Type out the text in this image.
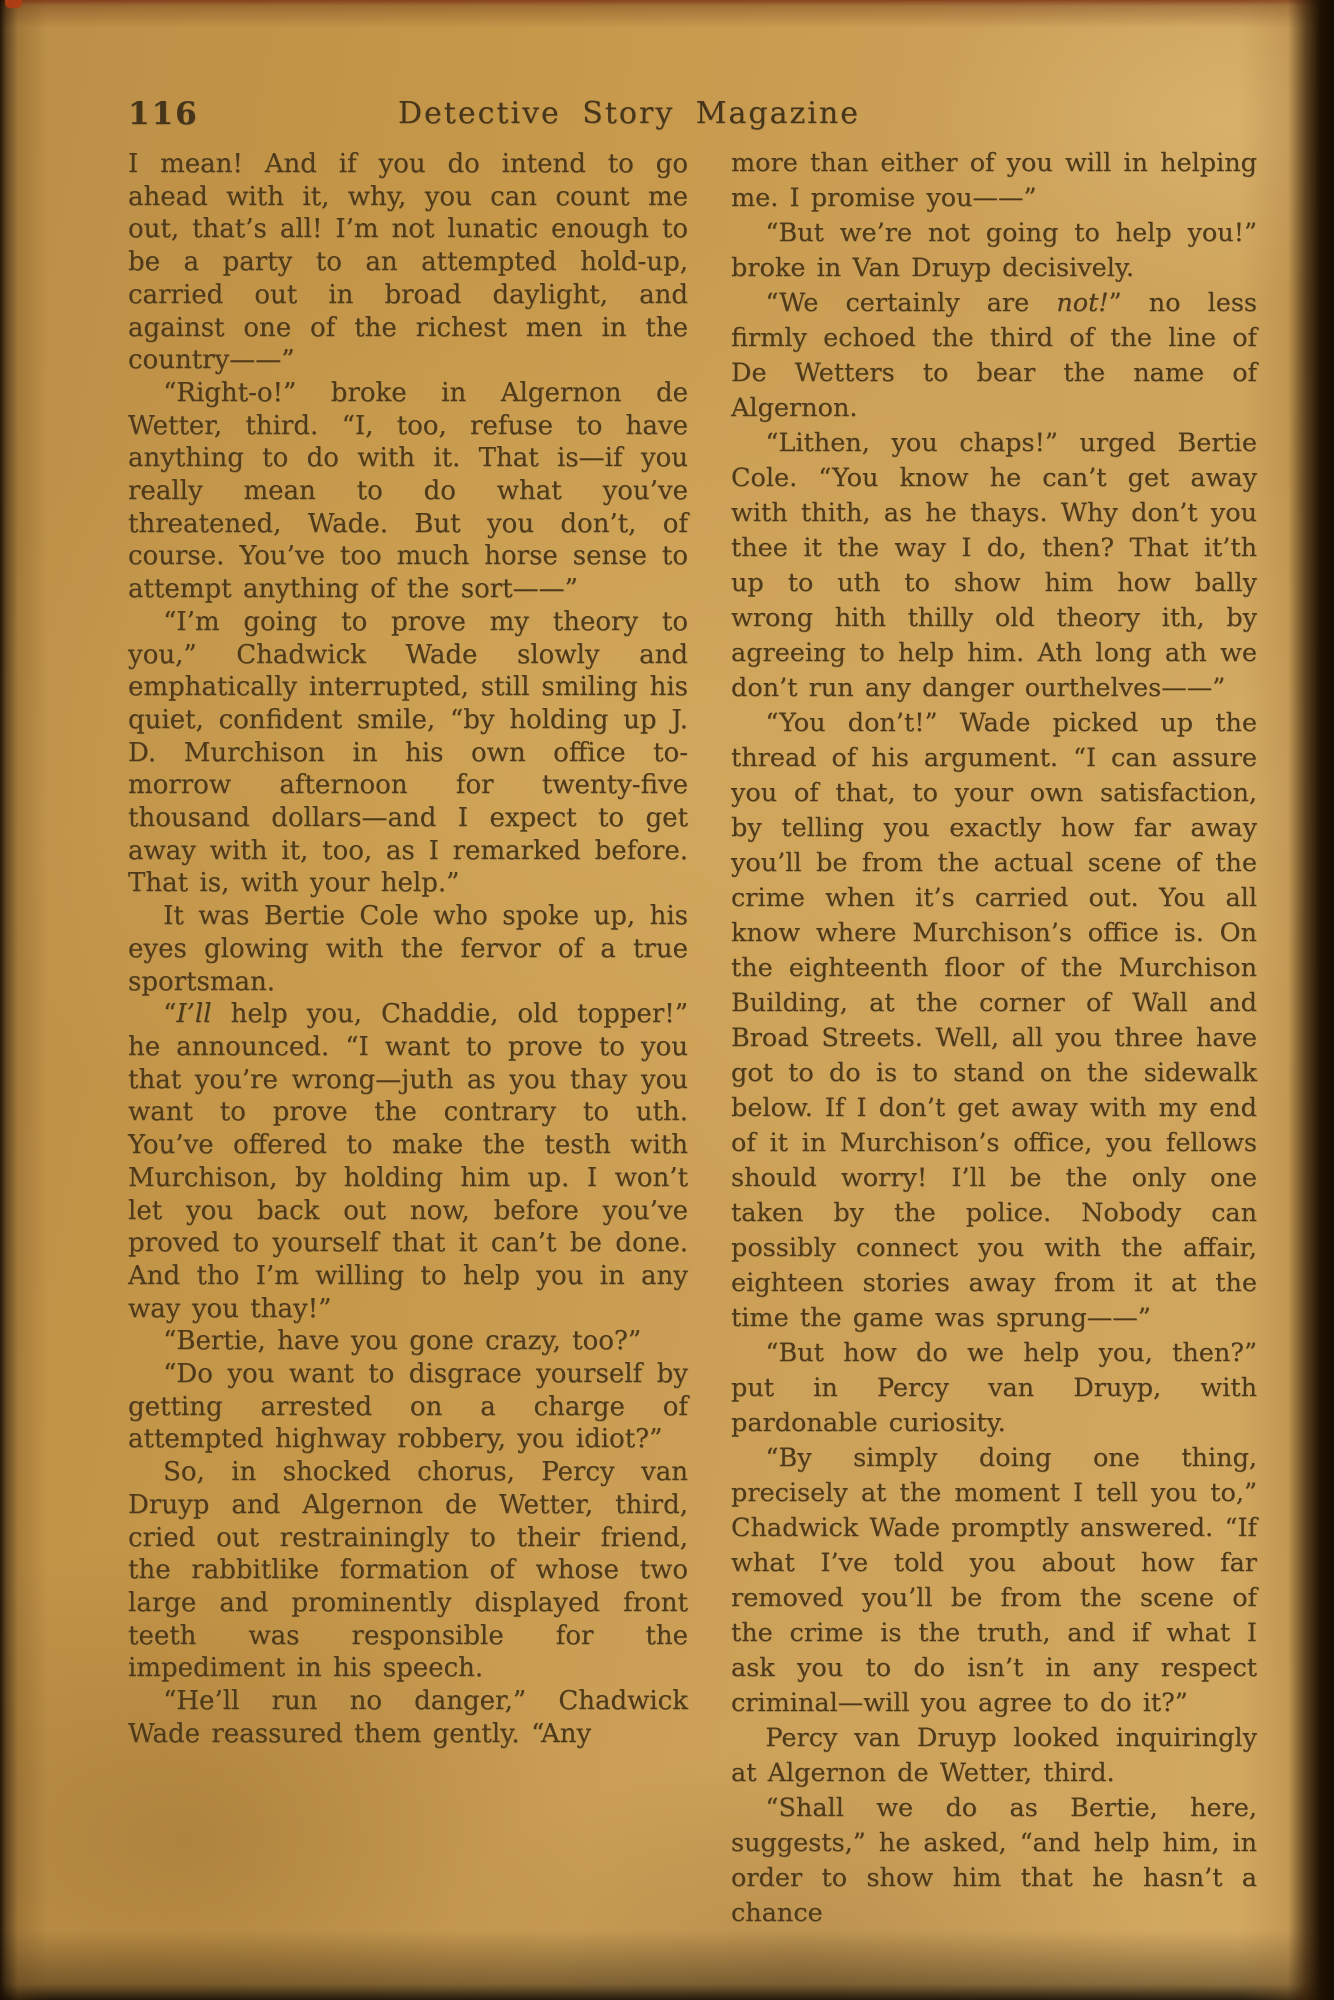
116	Detective Story Magazine

I mean! And if you do intend to go ahead with it, why, you can count me out, that’s all! I’m not lunatic enough to be a party to an attempted hold-up, carried out in broad daylight, and against one of the richest men in the country——”

“Right-o!” broke in Algernon de Wetter, third. “I, too, refuse to have anything to do with it. That is—if you really mean to do what you’ve threatened, Wade. But you don’t, of course. You’ve too much horse sense to attempt anything of the sort——”

“I’m going to prove my theory to you,” Chadwick Wade slowly and emphatically interrupted, still smiling his quiet, confident smile, “by holding up J. D. Murchison in his own office to-morrow afternoon for twenty-five thousand dollars—and I expect to get away with it, too, as I remarked before. That is, with your help.”

It was Bertie Cole who spoke up, his eyes glowing with the fervor of a true sportsman.

“I’ll help you, Chaddie, old topper!” he announced. “I want to prove to you that you’re wrong—juth as you thay you want to prove the contrary to uth. You’ve offered to make the testh with Murchison, by holding him up. I won’t let you back out now, before you’ve proved to yourself that it can’t be done. And tho I’m willing to help you in any way you thay!”

“Bertie, have you gone crazy, too?”

“Do you want to disgrace yourself by getting arrested on a charge of attempted highway robbery, you idiot?”

So, in shocked chorus, Percy van Druyp and Algernon de Wetter, third, cried out restrainingly to their friend, the rabbitlike formation of whose two large and prominently displayed front teeth was responsible for the impediment in his speech.

“He’ll run no danger,” Chadwick Wade reassured them gently. “Any

more than either of you will in helping me. I promise you——”

“But we’re not going to help you!” broke in Van Druyp decisively.

“We certainly are not!” no less firmly echoed the third of the line of De Wetters to bear the name of Algernon.

“Lithen, you chaps!” urged Bertie Cole. “You know he can’t get away with thith, as he thays. Why don’t you thee it the way I do, then? That it’th up to uth to show him how bally wrong hith thilly old theory ith, by agreeing to help him. Ath long ath we don’t run any danger ourthelves——”

“You don’t!” Wade picked up the thread of his argument. “I can assure you of that, to your own satisfaction, by telling you exactly how far away you’ll be from the actual scene of the crime when it’s carried out. You all know where Murchison’s office is. On the eighteenth floor of the Murchison Building, at the corner of Wall and Broad Streets. Well, all you three have got to do is to stand on the sidewalk below. If I don’t get away with my end of it in Murchison’s office, you fellows should worry! I’ll be the only one taken by the police. Nobody can possibly connect you with the affair, eighteen stories away from it at the time the game was sprung——”

“But how do we help you, then?” put in Percy van Druyp, with pardonable curiosity.

“By simply doing one thing, precisely at the moment I tell you to,” Chadwick Wade promptly answered. “If what I’ve told you about how far removed you’ll be from the scene of the crime is the truth, and if what I ask you to do isn’t in any respect criminal—will you agree to do it?”

Percy van Druyp looked inquiringly at Algernon de Wetter, third.

“Shall we do as Bertie, here, suggests,” he asked, “and help him, in order to show him that he hasn’t a chance
